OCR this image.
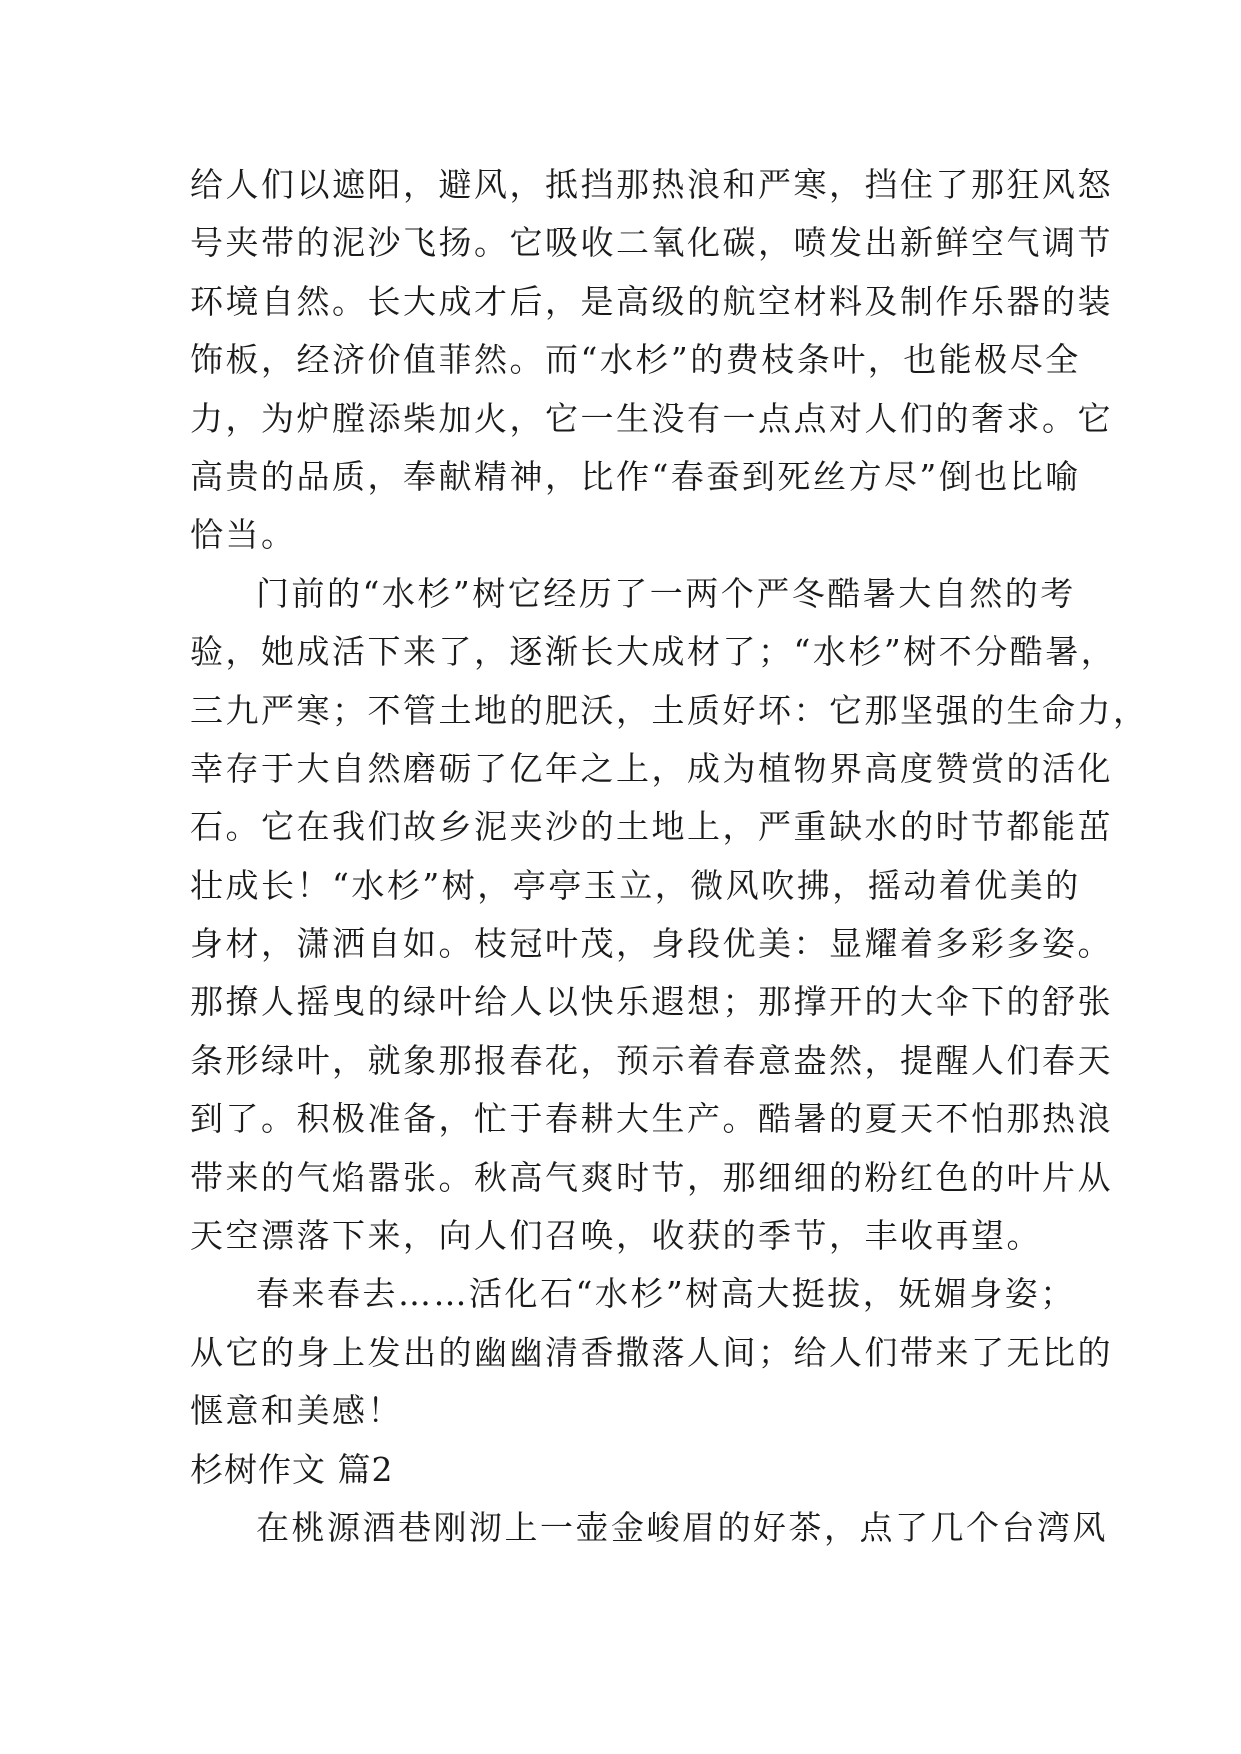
给人们以遮阳，避风，抵挡那热浪和严寒，挡住了那狂风怒
号夹带的泥沙飞扬。它吸收二氧化碳，喷发出新鲜空气调节
环境自然。长大成才后，是高级的航空材料及制作乐器的装
饰板，经济价值菲然。而“水杉”的费枝条叶，也能极尽全
力，为炉膛添柴加火，它一生没有一点点对人们的奢求。它
高贵的品质，奉献精神，比作“春蚕到死丝方尽”倒也比喻
恰当。
门前的“水杉”树它经历了一两个严冬酷暑大自然的考
验，她成活下来了，逐渐长大成材了；“水杉”树不分酷暑，
三九严寒；不管土地的肥沃，土质好坏：它那坚强的生命力，
幸存于大自然磨砺了亿年之上，成为植物界高度赞赏的活化
石。它在我们故乡泥夹沙的土地上，严重缺水的时节都能茁
壮成长！“水杉”树，亭亭玉立，微风吹拂，摇动着优美的
身材，潇洒自如。枝冠叶茂，身段优美：显耀着多彩多姿。
那撩人摇曳的绿叶给人以快乐遐想；那撑开的大伞下的舒张
条形绿叶，就象那报春花，预示着春意盎然，提醒人们春天
到了。积极准备，忙于春耕大生产。酷暑的夏天不怕那热浪
带来的气焰嚣张。秋高气爽时节，那细细的粉红色的叶片从
天空漂落下来，向人们召唤，收获的季节，丰收再望。
春来春去……活化石“水杉”树高大挺拔，妩媚身姿；
从它的身上发出的幽幽清香撒落人间；给人们带来了无比的
惬意和美感！
杉树作文 篇2
在桃源酒巷刚沏上一壶金峻眉的好茶，点了几个台湾风
